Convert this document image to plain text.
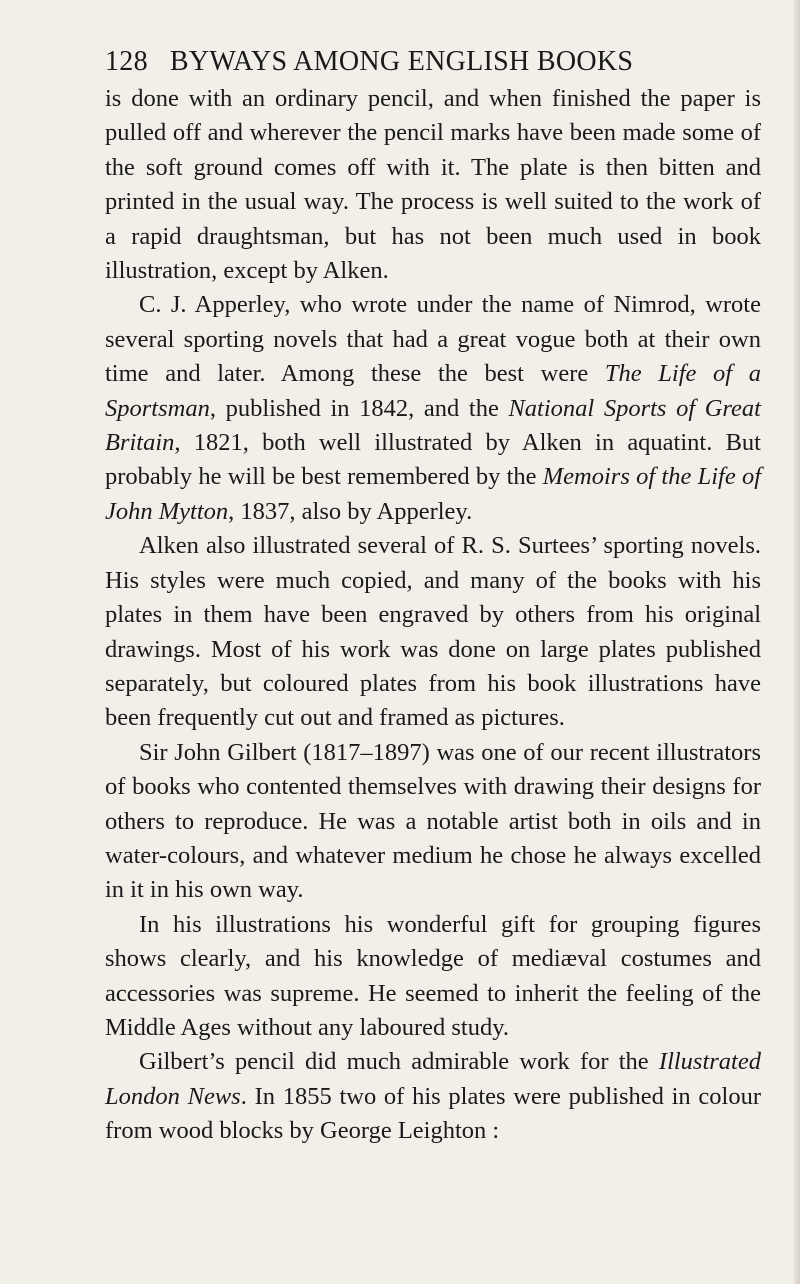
128 BYWAYS AMONG ENGLISH BOOKS

is done with an ordinary pencil, and when finished the paper is pulled off and wherever the pencil marks have been made some of the soft ground comes off with it. The plate is then bitten and printed in the usual way. The process is well suited to the work of a rapid draughtsman, but has not been much used in book illustration, except by Alken.

C. J. Apperley, who wrote under the name of Nimrod, wrote several sporting novels that had a great vogue both at their own time and later. Among these the best were The Life of a Sportsman, published in 1842, and the National Sports of Great Britain, 1821, both well illustrated by Alken in aquatint. But probably he will be best remembered by the Memoirs of the Life of John Mytton, 1837, also by Apperley.

Alken also illustrated several of R. S. Surtees’ sporting novels. His styles were much copied, and many of the books with his plates in them have been engraved by others from his original drawings. Most of his work was done on large plates published separately, but coloured plates from his book illustrations have been frequently cut out and framed as pictures.

Sir John Gilbert (1817–1897) was one of our recent illustrators of books who contented themselves with drawing their designs for others to reproduce. He was a notable artist both in oils and in water-colours, and whatever medium he chose he always excelled in it in his own way.

In his illustrations his wonderful gift for grouping figures shows clearly, and his knowledge of mediæval costumes and accessories was supreme. He seemed to inherit the feeling of the Middle Ages without any laboured study.

Gilbert’s pencil did much admirable work for the Illustrated London News. In 1855 two of his plates were published in colour from wood blocks by George Leighton :
